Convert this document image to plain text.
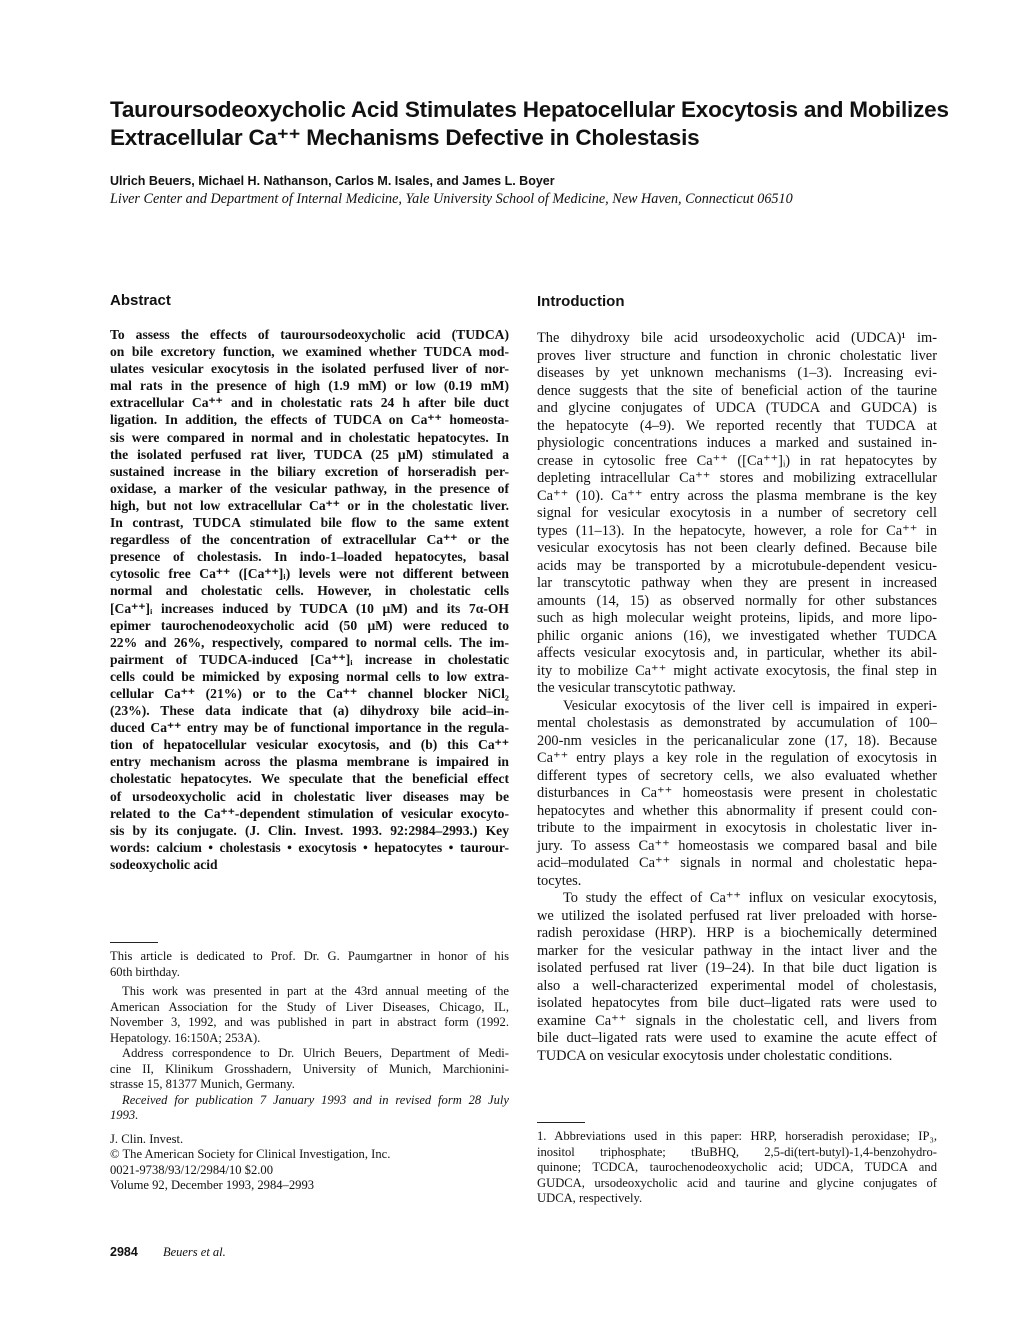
Tauroursodeoxycholic Acid Stimulates Hepatocellular Exocytosis and Mobilizes

Extracellular Ca⁺⁺ Mechanisms Defective in Cholestasis

Ulrich Beuers, Michael H. Nathanson, Carlos M. Isales, and James L. Boyer
Liver Center and Department of Internal Medicine, Yale University School of Medicine, New Haven, Connecticut 06510
Abstract	Introduction
To assess the effects of tauroursodeoxycholic acid (TUDCA)
on bile excretory function, we examined whether TUDCA mod-
ulates vesicular exocytosis in the isolated perfused liver of nor-
mal rats in the presence of high (1.9 mM) or low (0.19 mM)
extracellular Ca⁺⁺ and in cholestatic rats 24 h after bile duct
ligation. In addition, the effects of TUDCA on Ca⁺⁺ homeosta-
sis were compared in normal and in cholestatic hepatocytes. In
the isolated perfused rat liver, TUDCA (25 μM) stimulated a
sustained increase in the biliary excretion of horseradish per-
oxidase, a marker of the vesicular pathway, in the presence of
high, but not low extracellular Ca⁺⁺ or in the cholestatic liver.
In contrast, TUDCA stimulated bile flow to the same extent
regardless of the concentration of extracellular Ca⁺⁺ or the
presence of cholestasis. In indo-1–loaded hepatocytes, basal
cytosolic free Ca⁺⁺ ([Ca⁺⁺]ᵢ) levels were not different between
normal and cholestatic cells. However, in cholestatic cells
[Ca⁺⁺]ᵢ increases induced by TUDCA (10 μM) and its 7α-OH
epimer taurochenodeoxycholic acid (50 μM) were reduced to
22% and 26%, respectively, compared to normal cells. The im-
pairment of TUDCA-induced [Ca⁺⁺]ᵢ increase in cholestatic
cells could be mimicked by exposing normal cells to low extra-
cellular Ca⁺⁺ (21%) or to the Ca⁺⁺ channel blocker NiCl₂
(23%). These data indicate that (a) dihydroxy bile acid–in-
duced Ca⁺⁺ entry may be of functional importance in the regula-
tion of hepatocellular vesicular exocytosis, and (b) this Ca⁺⁺
entry mechanism across the plasma membrane is impaired in
cholestatic hepatocytes. We speculate that the beneficial effect
of ursodeoxycholic acid in cholestatic liver diseases may be
related to the Ca⁺⁺-dependent stimulation of vesicular exocyto-
sis by its conjugate. (J. Clin. Invest. 1993. 92:2984–2993.) Key
words: calcium • cholestasis • exocytosis • hepatocytes • taurour-
sodeoxycholic acid
This article is dedicated to Prof. Dr. G. Paumgartner in honor of his
60th birthday.
This work was presented in part at the 43rd annual meeting of the
American Association for the Study of Liver Diseases, Chicago, IL,
November 3, 1992, and was published in part in abstract form (1992.
Hepatology. 16:150A; 253A).
Address correspondence to Dr. Ulrich Beuers, Department of Medi-
cine II, Klinikum Grosshadern, University of Munich, Marchionini-
strasse 15, 81377 Munich, Germany.
Received for publication 7 January 1993 and in revised form 28 July
1993.
J. Clin. Invest.
© The American Society for Clinical Investigation, Inc.
0021-9738/93/12/2984/10 $2.00
Volume 92, December 1993, 2984–2993
The dihydroxy bile acid ursodeoxycholic acid (UDCA)¹ im-
proves liver structure and function in chronic cholestatic liver
diseases by yet unknown mechanisms (1–3). Increasing evi-
dence suggests that the site of beneficial action of the taurine
and glycine conjugates of UDCA (TUDCA and GUDCA) is
the hepatocyte (4–9). We reported recently that TUDCA at
physiologic concentrations induces a marked and sustained in-
crease in cytosolic free Ca⁺⁺ ([Ca⁺⁺]ᵢ) in rat hepatocytes by
depleting intracellular Ca⁺⁺ stores and mobilizing extracellular
Ca⁺⁺ (10). Ca⁺⁺ entry across the plasma membrane is the key
signal for vesicular exocytosis in a number of secretory cell
types (11–13). In the hepatocyte, however, a role for Ca⁺⁺ in
vesicular exocytosis has not been clearly defined. Because bile
acids may be transported by a microtubule-dependent vesicu-
lar transcytotic pathway when they are present in increased
amounts (14, 15) as observed normally for other substances
such as high molecular weight proteins, lipids, and more lipo-
philic organic anions (16), we investigated whether TUDCA
affects vesicular exocytosis and, in particular, whether its abil-
ity to mobilize Ca⁺⁺ might activate exocytosis, the final step in
the vesicular transcytotic pathway.
Vesicular exocytosis of the liver cell is impaired in experi-
mental cholestasis as demonstrated by accumulation of 100–
200-nm vesicles in the pericanalicular zone (17, 18). Because
Ca⁺⁺ entry plays a key role in the regulation of exocytosis in
different types of secretory cells, we also evaluated whether
disturbances in Ca⁺⁺ homeostasis were present in cholestatic
hepatocytes and whether this abnormality if present could con-
tribute to the impairment in exocytosis in cholestatic liver in-
jury. To assess Ca⁺⁺ homeostasis we compared basal and bile
acid–modulated Ca⁺⁺ signals in normal and cholestatic hepa-
tocytes.
To study the effect of Ca⁺⁺ influx on vesicular exocytosis,
we utilized the isolated perfused rat liver preloaded with horse-
radish peroxidase (HRP). HRP is a biochemically determined
marker for the vesicular pathway in the intact liver and the
isolated perfused rat liver (19–24). In that bile duct ligation is
also a well-characterized experimental model of cholestasis,
isolated hepatocytes from bile duct–ligated rats were used to
examine Ca⁺⁺ signals in the cholestatic cell, and livers from
bile duct–ligated rats were used to examine the acute effect of
TUDCA on vesicular exocytosis under cholestatic conditions.
1. Abbreviations used in this paper: HRP, horseradish peroxidase; IP₃,
inositol triphosphate; tBuBHQ, 2,5-di(tert-butyl)-1,4-benzohydro-
quinone; TCDCA, taurochenodeoxycholic acid; UDCA, TUDCA and
GUDCA, ursodeoxycholic acid and taurine and glycine conjugates of
UDCA, respectively.
2984 Beuers et al.
